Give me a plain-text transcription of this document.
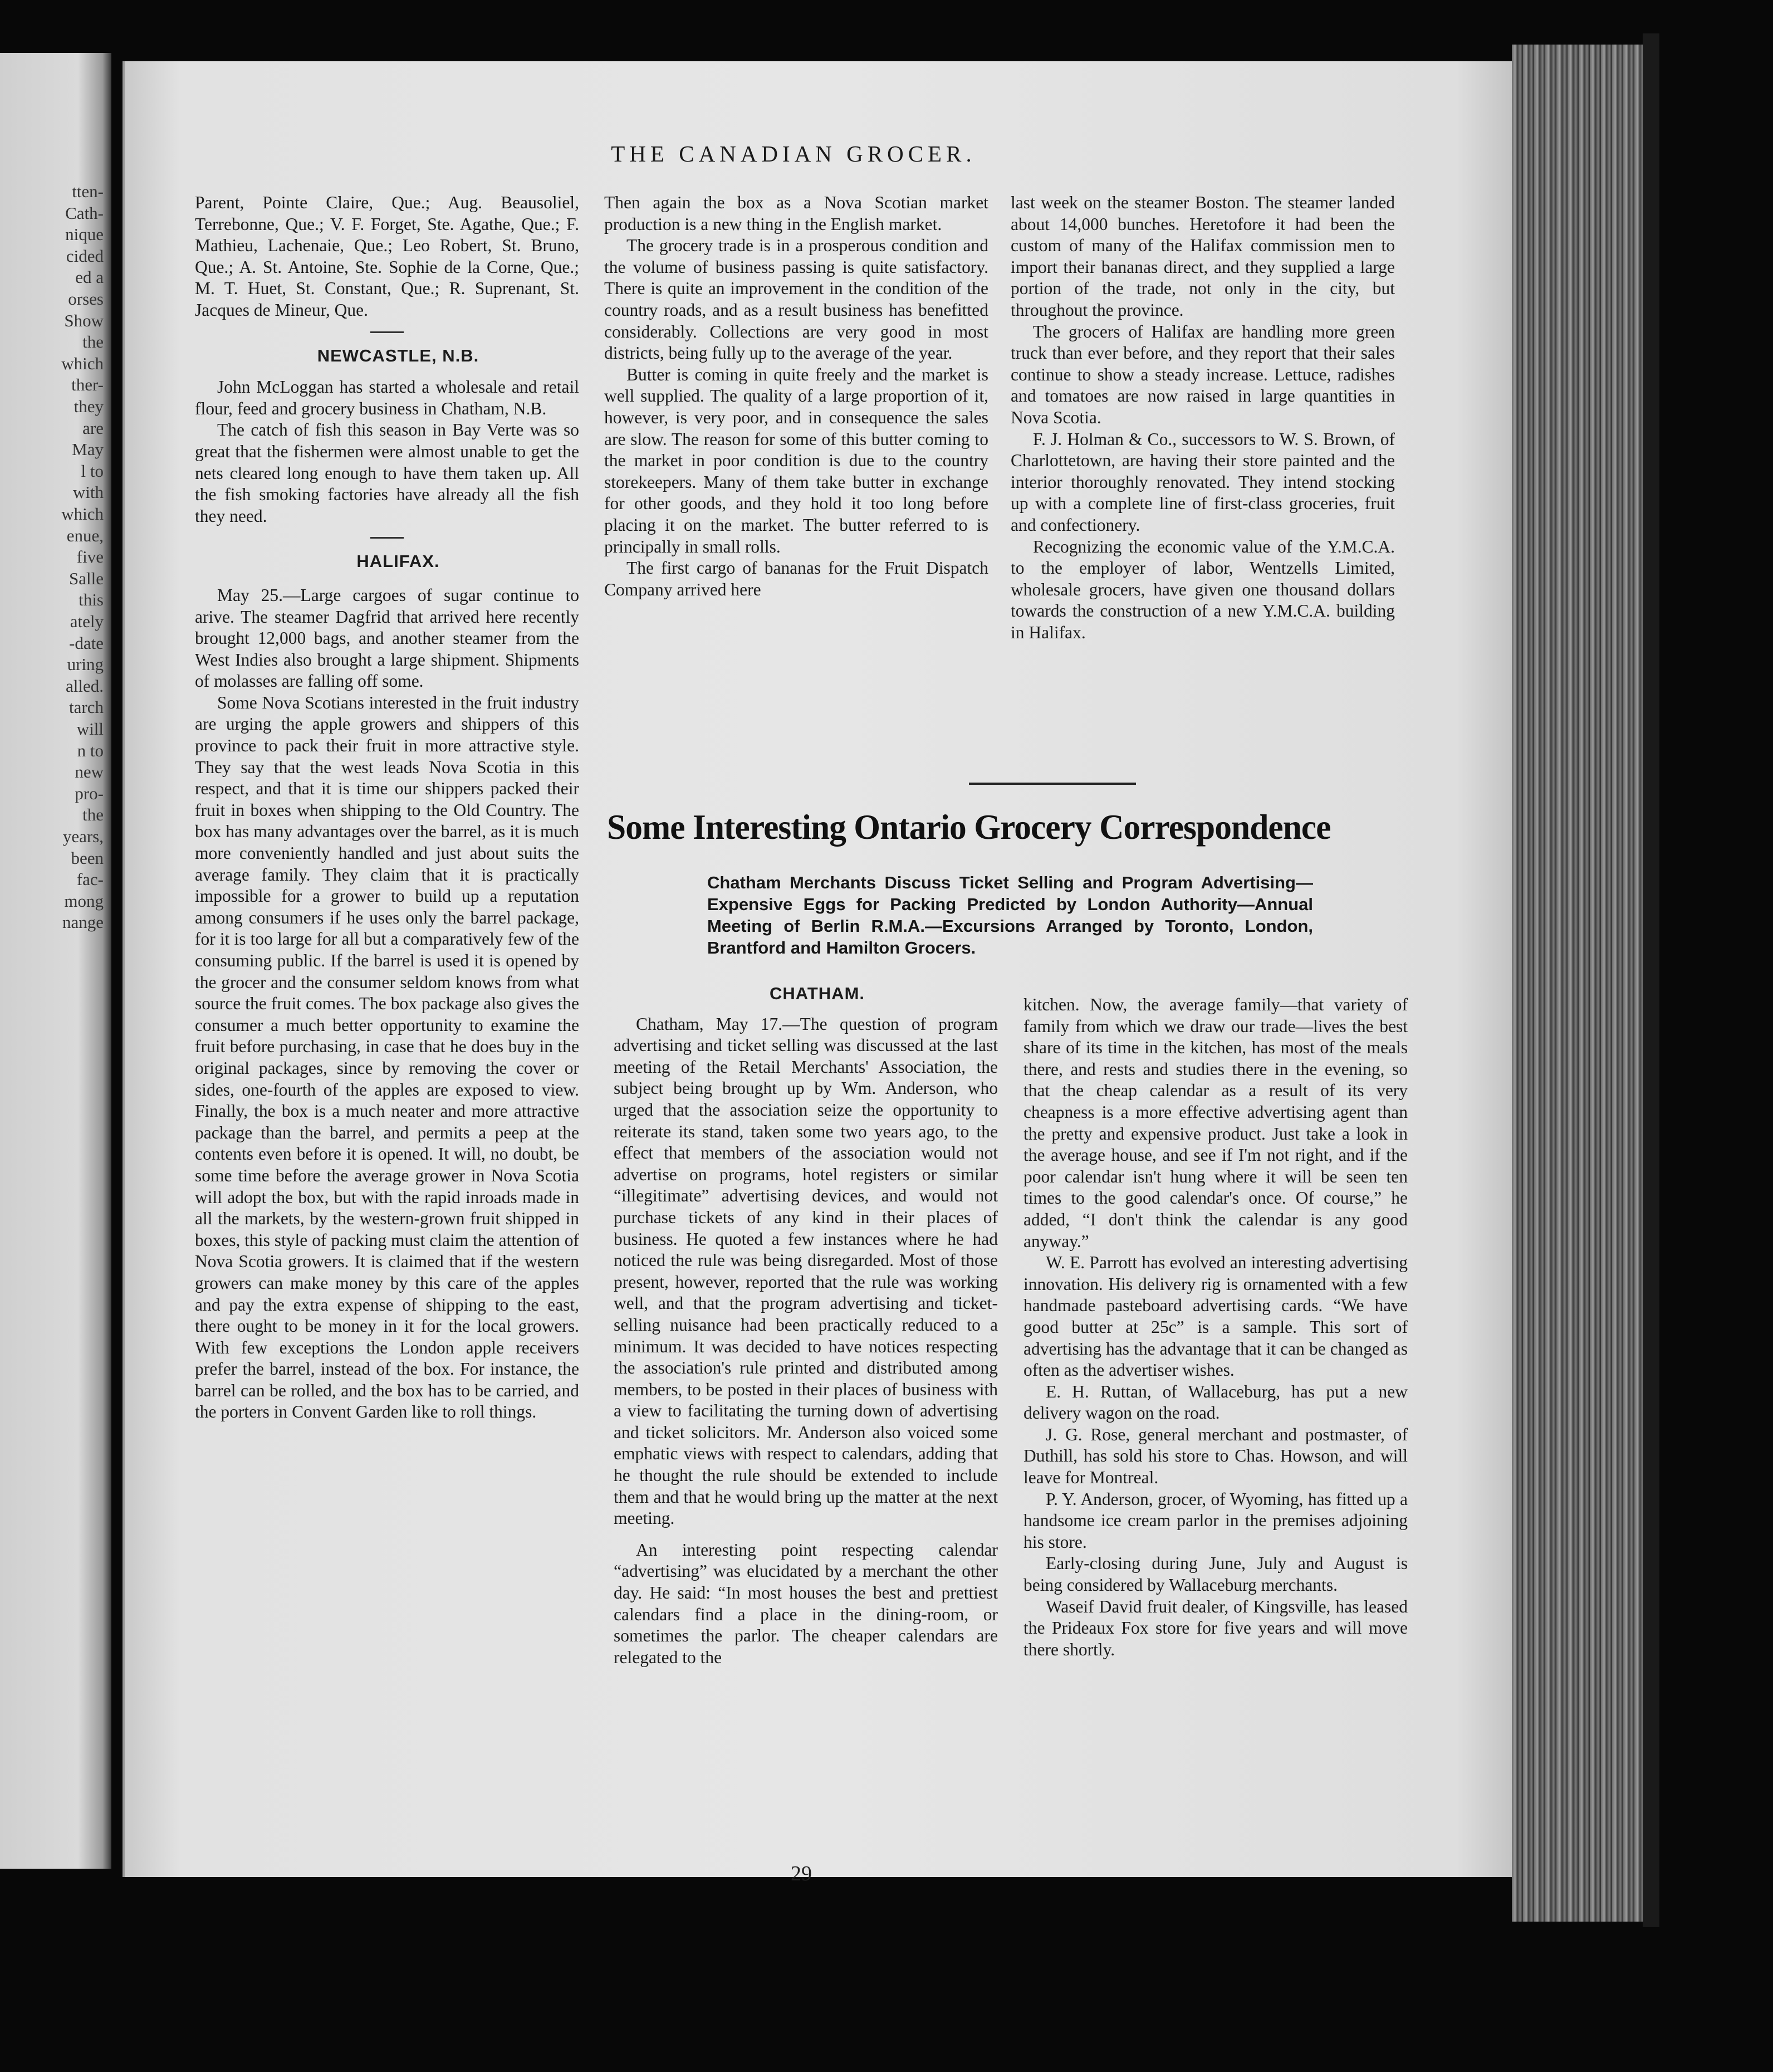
tten-
Cath-
nique
cided
ed a
orses
Show
the
which
ther-
they
are
May
l to
with
which
enue,
five
Salle
this
ately
-date
uring
alled.
tarch
will
n to
new
pro-
the
years,
been
fac-
mong
nange
THE CANADIAN GROCER.

Parent, Pointe Claire, Que.; Aug. Beausoliel, Terrebonne, Que.; V. F. Forget, Ste. Agathe, Que.; F. Mathieu, Lachenaie, Que.; Leo Robert, St. Bruno, Que.; A. St. Antoine, Ste. Sophie de la Corne, Que.; M. T. Huet, St. Constant, Que.; R. Suprenant, St. Jacques de Mineur, Que.

NEWCASTLE, N.B.

John McLoggan has started a wholesale and retail flour, feed and grocery business in Chatham, N.B.

The catch of fish this season in Bay Verte was so great that the fishermen were almost unable to get the nets cleared long enough to have them taken up. All the fish smoking factories have already all the fish they need.

HALIFAX.

May 25.—Large cargoes of sugar continue to arive. The steamer Dagfrid that arrived here recently brought 12,000 bags, and another steamer from the West Indies also brought a large shipment. Shipments of molasses are falling off some.

Some Nova Scotians interested in the fruit industry are urging the apple growers and shippers of this province to pack their fruit in more attractive style. They say that the west leads Nova Scotia in this respect, and that it is time our shippers packed their fruit in boxes when shipping to the Old Country. The box has many advantages over the barrel, as it is much more conveniently handled and just about suits the average family. They claim that it is practically impossible for a grower to build up a reputation among consumers if he uses only the barrel package, for it is too large for all but a comparatively few of the consuming public. If the barrel is used it is opened by the grocer and the consumer seldom knows from what source the fruit comes. The box package also gives the consumer a much better opportunity to examine the fruit before purchasing, in case that he does buy in the original packages, since by removing the cover or sides, one-fourth of the apples are exposed to view. Finally, the box is a much neater and more attractive package than the barrel, and permits a peep at the contents even before it is opened. It will, no doubt, be some time before the average grower in Nova Scotia will adopt the box, but with the rapid inroads made in all the markets, by the western-grown fruit shipped in boxes, this style of packing must claim the attention of Nova Scotia growers. It is claimed that if the western growers can make money by this care of the apples and pay the extra expense of shipping to the east, there ought to be money in it for the local growers. With few exceptions the London apple receivers prefer the barrel, instead of the box. For instance, the barrel can be rolled, and the box has to be carried, and the porters in Convent Garden like to roll things.

Then again the box as a Nova Scotian market production is a new thing in the English market.

The grocery trade is in a prosperous condition and the volume of business passing is quite satisfactory. There is quite an improvement in the condition of the country roads, and as a result business has benefitted considerably. Collections are very good in most districts, being fully up to the average of the year.

Butter is coming in quite freely and the market is well supplied. The quality of a large proportion of it, however, is very poor, and in consequence the sales are slow. The reason for some of this butter coming to the market in poor condition is due to the country storekeepers. Many of them take butter in exchange for other goods, and they hold it too long before placing it on the market. The butter referred to is principally in small rolls.

The first cargo of bananas for the Fruit Dispatch Company arrived here

last week on the steamer Boston. The steamer landed about 14,000 bunches. Heretofore it had been the custom of many of the Halifax commission men to import their bananas direct, and they supplied a large portion of the trade, not only in the city, but throughout the province.

The grocers of Halifax are handling more green truck than ever before, and they report that their sales continue to show a steady increase. Lettuce, radishes and tomatoes are now raised in large quantities in Nova Scotia.

F. J. Holman & Co., successors to W. S. Brown, of Charlottetown, are having their store painted and the interior thoroughly renovated. They intend stocking up with a complete line of first-class groceries, fruit and confectionery.

Recognizing the economic value of the Y.M.C.A. to the employer of labor, Wentzells Limited, wholesale grocers, have given one thousand dollars towards the construction of a new Y.M.C.A. building in Halifax.

Some Interesting Ontario Grocery Correspondence
Chatham Merchants Discuss Ticket Selling and Program Advertising—Expensive Eggs for Packing Predicted by London Authority—Annual Meeting of Berlin R.M.A.—Excursions Arranged by Toronto, London, Brantford and Hamilton Grocers.

CHATHAM.

Chatham, May 17.—The question of program advertising and ticket selling was discussed at the last meeting of the Retail Merchants' Association, the subject being brought up by Wm. Anderson, who urged that the association seize the opportunity to reiterate its stand, taken some two years ago, to the effect that members of the association would not advertise on programs, hotel registers or similar “illegitimate” advertising devices, and would not purchase tickets of any kind in their places of business. He quoted a few instances where he had noticed the rule was being disregarded. Most of those present, however, reported that the rule was working well, and that the program advertising and ticket-selling nuisance had been practically reduced to a minimum. It was decided to have notices respecting the association's rule printed and distributed among members, to be posted in their places of business with a view to facilitating the turning down of advertising and ticket solicitors. Mr. Anderson also voiced some emphatic views with respect to calendars, adding that he thought the rule should be extended to include them and that he would bring up the matter at the next meeting.

An interesting point respecting calendar “advertising” was elucidated by a merchant the other day. He said: “In most houses the best and prettiest calendars find a place in the dining-room, or sometimes the parlor. The cheaper calendars are relegated to the

kitchen. Now, the average family—that variety of family from which we draw our trade—lives the best share of its time in the kitchen, has most of the meals there, and rests and studies there in the evening, so that the cheap calendar as a result of its very cheapness is a more effective advertising agent than the pretty and expensive product. Just take a look in the average house, and see if I'm not right, and if the poor calendar isn't hung where it will be seen ten times to the good calendar's once. Of course,” he added, “I don't think the calendar is any good anyway.”

W. E. Parrott has evolved an interesting advertising innovation. His delivery rig is ornamented with a few handmade pasteboard advertising cards. “We have good butter at 25c” is a sample. This sort of advertising has the advantage that it can be changed as often as the advertiser wishes.

E. H. Ruttan, of Wallaceburg, has put a new delivery wagon on the road.

J. G. Rose, general merchant and postmaster, of Duthill, has sold his store to Chas. Howson, and will leave for Montreal.

P. Y. Anderson, grocer, of Wyoming, has fitted up a handsome ice cream parlor in the premises adjoining his store.

Early-closing during June, July and August is being considered by Wallaceburg merchants.

Waseif David fruit dealer, of Kingsville, has leased the Prideaux Fox store for five years and will move there shortly.

29
